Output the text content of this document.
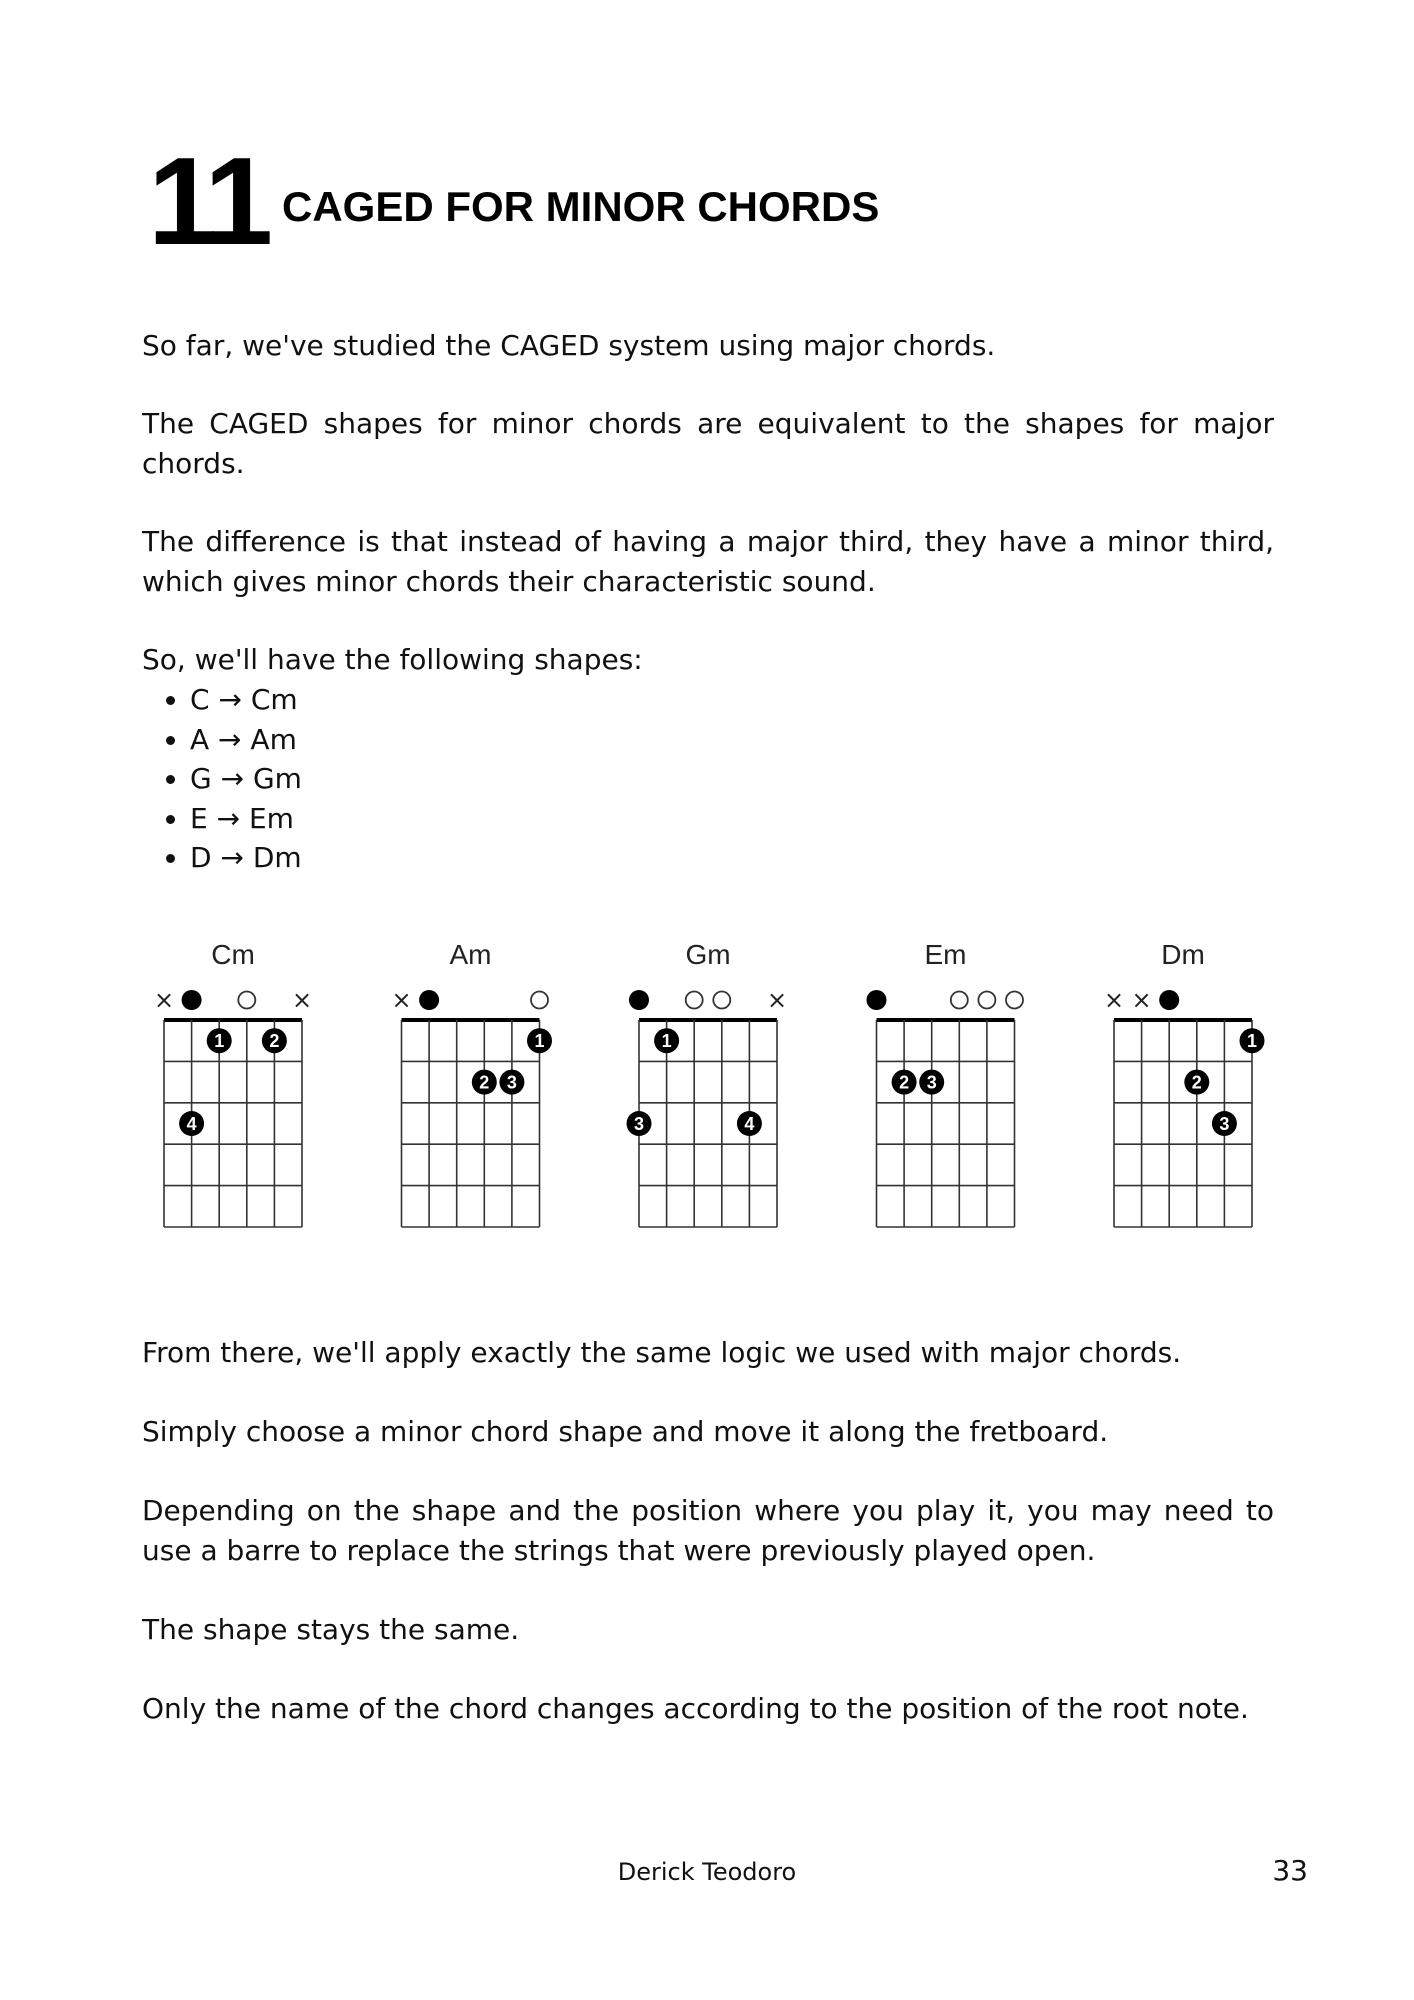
11 CAGED FOR MINOR CHORDS

So far, we've studied the CAGED system using major chords.

The CAGED shapes for minor chords are equivalent to the shapes for major chords.

The difference is that instead of having a major third, they have a minor third, which gives minor chords their characteristic sound.

So, we'll have the following shapes:

• C → Cm
• A → Am
• G → Gm
• E → Em
• D → Dm
Cm
×	×
1	2
4
Am
×
1
2 3
Gm
×
1
3	4
Em
2 3
Dm
× ×
1
2
3

From there, we'll apply exactly the same logic we used with major chords.

Simply choose a minor chord shape and move it along the fretboard.

Depending on the shape and the position where you play it, you may need to use a barre to replace the strings that were previously played open.

The shape stays the same.

Only the name of the chord changes according to the position of the root note.

Derick Teodoro	33
